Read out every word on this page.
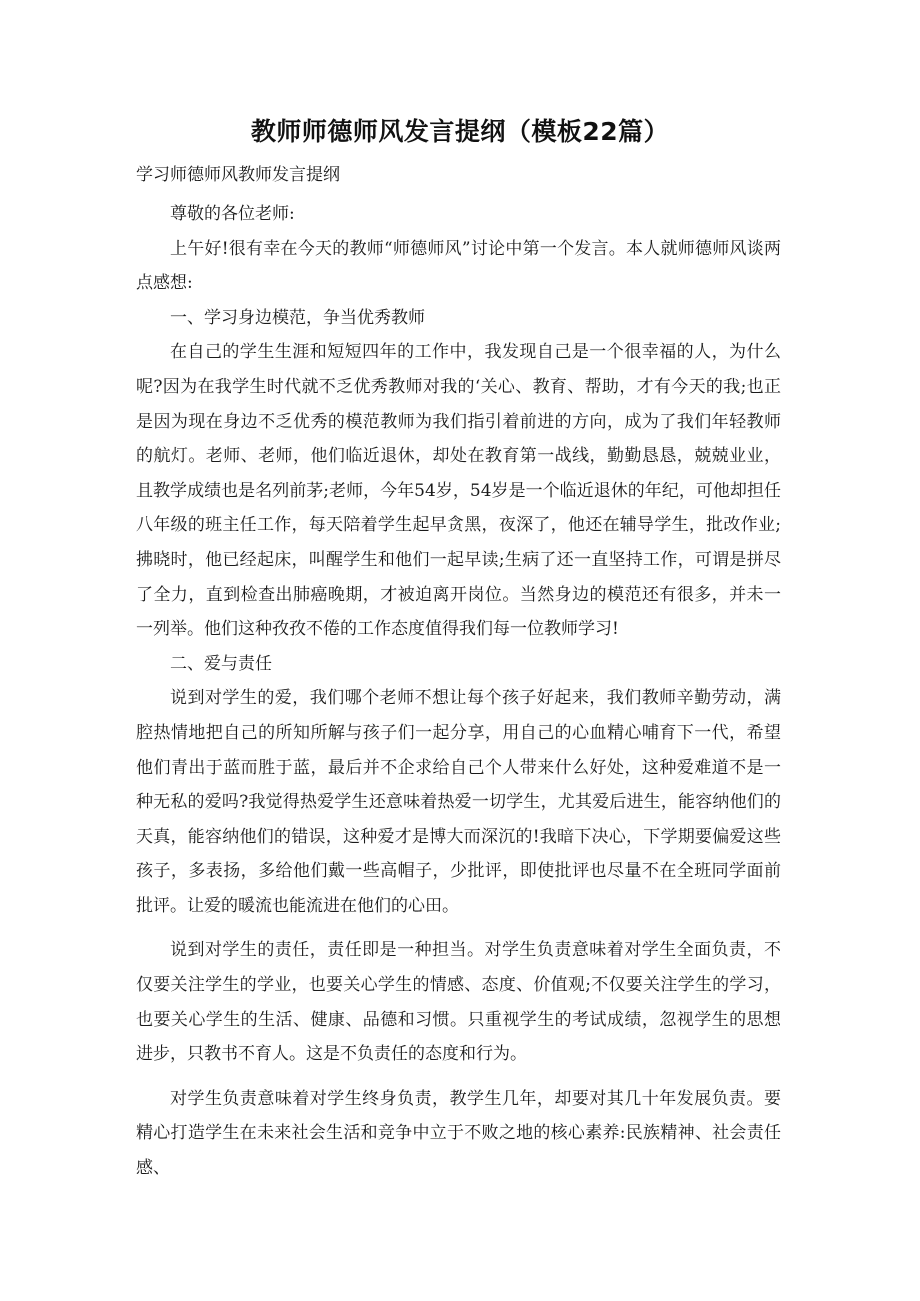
教师师德师风发言提纲（模板22篇）
学习师德师风教师发言提纲

尊敬的各位老师:

上午好!很有幸在今天的教师“师德师风”讨论中第一个发言。本人就师德师风谈两点感想:

一、学习身边模范，争当优秀教师

在自己的学生生涯和短短四年的工作中，我发现自己是一个很幸福的人，为什么呢?因为在我学生时代就不乏优秀教师对我的‘关心、教育、帮助，才有今天的我;也正是因为现在身边不乏优秀的模范教师为我们指引着前进的方向，成为了我们年轻教师的航灯。老师、老师，他们临近退休，却处在教育第一战线，勤勤恳恳，兢兢业业，且教学成绩也是名列前茅;老师，今年54岁，54岁是一个临近退休的年纪，可他却担任八年级的班主任工作，每天陪着学生起早贪黑，夜深了，他还在辅导学生，批改作业;拂晓时，他已经起床，叫醒学生和他们一起早读;生病了还一直坚持工作，可谓是拼尽了全力，直到检查出肺癌晚期，才被迫离开岗位。当然身边的模范还有很多，并未一一列举。他们这种孜孜不倦的工作态度值得我们每一位教师学习!

二、爱与责任

说到对学生的爱，我们哪个老师不想让每个孩子好起来，我们教师辛勤劳动，满腔热情地把自己的所知所解与孩子们一起分享，用自己的心血精心哺育下一代，希望他们青出于蓝而胜于蓝，最后并不企求给自己个人带来什么好处，这种爱难道不是一种无私的爱吗?我觉得热爱学生还意味着热爱一切学生，尤其爱后进生，能容纳他们的天真，能容纳他们的错误，这种爱才是博大而深沉的!我暗下决心，下学期要偏爱这些孩子，多表扬，多给他们戴一些高帽子，少批评，即使批评也尽量不在全班同学面前批评。让爱的暖流也能流进在他们的心田。

说到对学生的责任，责任即是一种担当。对学生负责意味着对学生全面负责，不仅要关注学生的学业，也要关心学生的情感、态度、价值观;不仅要关注学生的学习，也要关心学生的生活、健康、品德和习惯。只重视学生的考试成绩，忽视学生的思想进步，只教书不育人。这是不负责任的态度和行为。

对学生负责意味着对学生终身负责，教学生几年，却要对其几十年发展负责。要精心打造学生在未来社会生活和竞争中立于不败之地的核心素养:民族精神、社会责任感、
